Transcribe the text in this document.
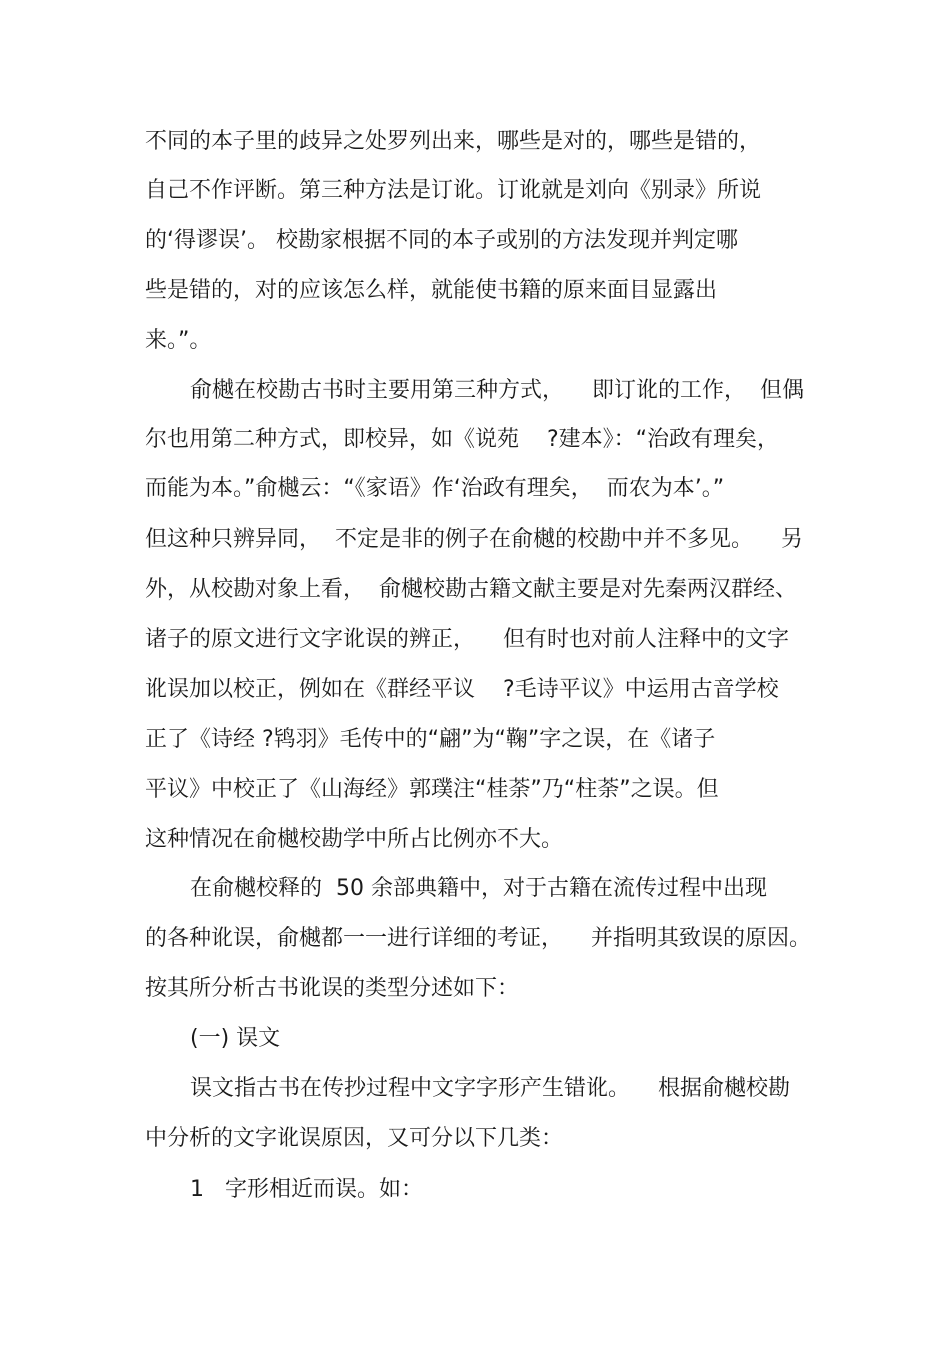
不同的本子里的歧异之处罗列出来，哪些是对的，哪些是错的，
自己不作评断。第三种方法是订讹。订讹就是刘向《别录》所说
的‘得谬误’。 校勘家根据不同的本子或别的方法发现并判定哪
些是错的，对的应该怎么样，就能使书籍的原来面目显露出
来。”。
俞樾在校勘古书时主要用第三种方式，    即订讹的工作，  但偶
尔也用第二种方式，即校异，如《说苑    ?建本》：“治政有理矣，
而能为本。”俞樾云：“《家语》作‘治政有理矣，  而农为本’。”
但这种只辨异同，  不定是非的例子在俞樾的校勘中并不多见。    另
外，从校勘对象上看，  俞樾校勘古籍文献主要是对先秦两汉群经、
诸子的原文进行文字讹误的辨正，    但有时也对前人注释中的文字
讹误加以校正，例如在《群经平议    ?毛诗平议》中运用古音学校
正了《诗经 ?鸨羽》毛传中的“翩”为“鞠”字之误，在《诸子
平议》中校正了《山海经》郭璞注“桂荼”乃“柱荼”之误。但
这种情况在俞樾校勘学中所占比例亦不大。
在俞樾校释的  50 余部典籍中，对于古籍在流传过程中出现
的各种讹误，俞樾都一一进行详细的考证，    并指明其致误的原因。
按其所分析古书讹误的类型分述如下：
(一) 误文
误文指古书在传抄过程中文字字形产生错讹。    根据俞樾校勘
中分析的文字讹误原因，又可分以下几类：
1   字形相近而误。如：
